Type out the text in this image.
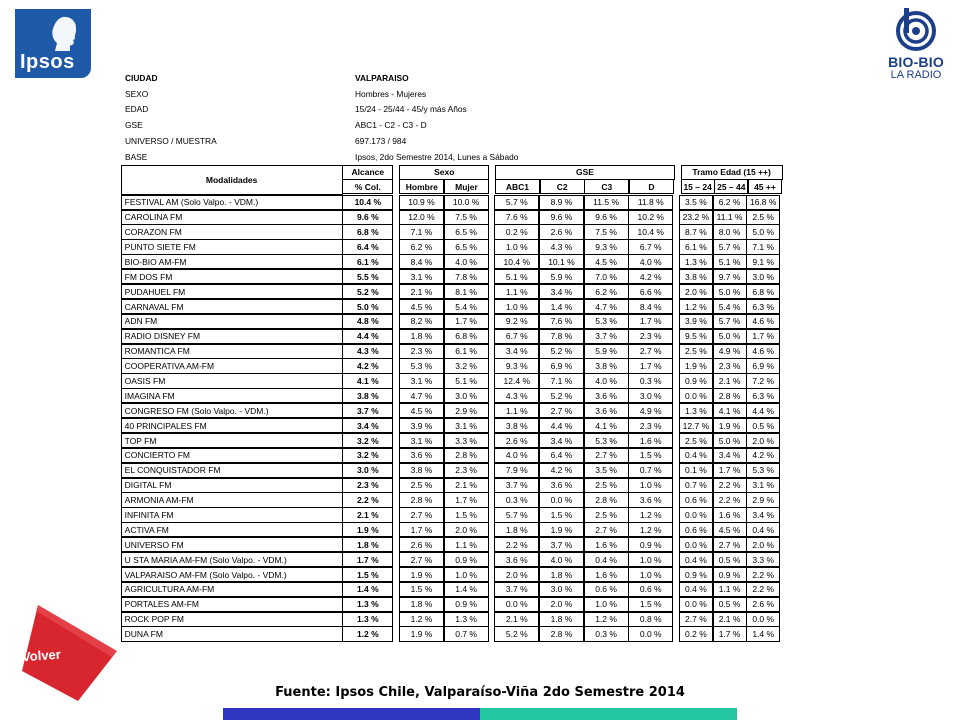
Ipsos	BIO-BIO
LA RADIO
CIUDAD	VALPARAISO
SEXO	Hombres - Mujeres
EDAD	15/24 - 25/44 - 45/y más Años
GSE	ABC1 - C2 - C3 - D
UNIVERSO / MUESTRA	697.173 / 984
BASE	Ipsos, 2do Semestre 2014, Lunes a Sábado
Modalidades
Alcance
% Col.
Sexo
Hombre	Mujer
GSE
ABC1	C2	C3	D
Tramo Edad (15 ++)
15 – 24 25 – 44	45 ++
FESTIVAL AM (Solo Valpo. - VDM.)	10.4 %	10.9 %	10.0 %	5.7 %	8.9 %	11.5 %	11.8 %	3.5 %	6.2 %	16.8 %
CAROLINA FM	9.6 %	12.0 %	7.5 %	7.6 %	9.6 %	9.6 %	10.2 %	23.2 % 11.1 %	2.5 %
CORAZON FM	6.8 %	7.1 %	6.5 %	0.2 %	2.6 %	7.5 %	10.4 %	8.7 %	8.0 %	5.0 %
PUNTO SIETE FM	6.4 %	6.2 %	6.5 %	1.0 %	4.3 %	9.3 %	6.7 %	6.1 %	5.7 %	7.1 %
BIO-BIO AM-FM	6.1 %	8.4 %	4.0 %	10.4 %	10.1 %	4.5 %	4.0 %	1.3 %	5.1 %	9.1 %
FM DOS FM	5.5 %	3.1 %	7.8 %	5.1 %	5.9 %	7.0 %	4.2 %	3.8 %	9.7 %	3.0 %
PUDAHUEL FM	5.2 %	2.1 %	8.1 %	1.1 %	3.4 %	6.2 %	6.6 %	2.0 %	5.0 %	6.8 %
CARNAVAL FM	5.0 %	4.5 %	5.4 %	1.0 %	1.4 %	4.7 %	8.4 %	1.2 %	5.4 %	6.3 %
ADN FM	4.8 %	8.2 %	1.7 %	9.2 %	7.6 %	5.3 %	1.7 %	3.9 %	5.7 %	4.6 %
RADIO DISNEY FM	4.4 %	1.8 %	6.8 %	6.7 %	7.8 %	3.7 %	2.3 %	9.5 %	5.0 %	1.7 %
ROMANTICA FM	4.3 %	2.3 %	6.1 %	3.4 %	5.2 %	5.9 %	2.7 %	2.5 %	4.9 %	4.6 %
COOPERATIVA AM-FM	4.2 %	5.3 %	3.2 %	9.3 %	6.9 %	3.8 %	1.7 %	1.9 %	2.3 %	6.9 %
OASIS FM	4.1 %	3.1 %	5.1 %	12.4 %	7.1 %	4.0 %	0.3 %	0.9 %	2.1 %	7.2 %
IMAGINA FM	3.8 %	4.7 %	3.0 %	4.3 %	5.2 %	3.6 %	3.0 %	0.0 %	2.8 %	6.3 %
CONGRESO FM (Solo Valpo. - VDM.)	3.7 %	4.5 %	2.9 %	1.1 %	2.7 %	3.6 %	4.9 %	1.3 %	4.1 %	4.4 %
40 PRINCIPALES FM	3.4 %	3.9 %	3.1 %	3.8 %	4.4 %	4.1 %	2.3 %	12.7 %	1.9 %	0.5 %
TOP FM	3.2 %	3.1 %	3.3 %	2.6 %	3.4 %	5.3 %	1.6 %	2.5 %	5.0 %	2.0 %
CONCIERTO FM	3.2 %	3.6 %	2.8 %	4.0 %	6.4 %	2.7 %	1.5 %	0.4 %	3.4 %	4.2 %
EL CONQUISTADOR FM	3.0 %	3.8 %	2.3 %	7.9 %	4.2 %	3.5 %	0.7 %	0.1 %	1.7 %	5.3 %
DIGITAL FM	2.3 %	2.5 %	2.1 %	3.7 %	3.6 %	2.5 %	1.0 %	0.7 %	2.2 %	3.1 %
ARMONIA AM-FM	2.2 %	2.8 %	1.7 %	0.3 %	0.0 %	2.8 %	3.6 %	0.6 %	2.2 %	2.9 %
INFINITA FM	2.1 %	2.7 %	1.5 %	5.7 %	1.5 %	2.5 %	1.2 %	0.0 %	1.6 %	3.4 %
ACTIVA FM	1.9 %	1.7 %	2.0 %	1.8 %	1.9 %	2.7 %	1.2 %	0.6 %	4.5 %	0.4 %
UNIVERSO FM	1.8 %	2.6 %	1.1 %	2.2 %	3.7 %	1.6 %	0.9 %	0.0 %	2.7 %	2.0 %
U STA MARIA AM-FM (Solo Valpo. - VDM.)	1.7 %	2.7 %	0.9 %	3.6 %	4.0 %	0.4 %	1.0 %	0.4 %	0.5 %	3.3 %
VALPARAISO AM-FM (Solo Valpo. - VDM.)	1.5 %	1.9 %	1.0 %	2.0 %	1.8 %	1.6 %	1.0 %	0.9 %	0.9 %	2.2 %
AGRICULTURA AM-FM	1.4 %	1.5 %	1.4 %	3.7 %	3.0 %	0.6 %	0.6 %	0.4 %	1.1 %	2.2 %
PORTALES AM-FM	1.3 %	1.8 %	0.9 %	0.0 %	2.0 %	1.0 %	1.5 %	0.0 %	0.5 %	2.6 %
ROCK POP FM	1.3 %	1.2 %	1.3 %	2.1 %	1.8 %	1.2 %	0.8 %	2.7 %	2.1 %	0.0 %
DUNA FM	1.2 %	1.9 %	0.7 %	5.2 %	2.8 %	0.3 %	0.0 %	0.2 %	1.7 %	1.4 %
Volver
Fuente: Ipsos Chile, Valparaíso-Viña 2do Semestre 2014
